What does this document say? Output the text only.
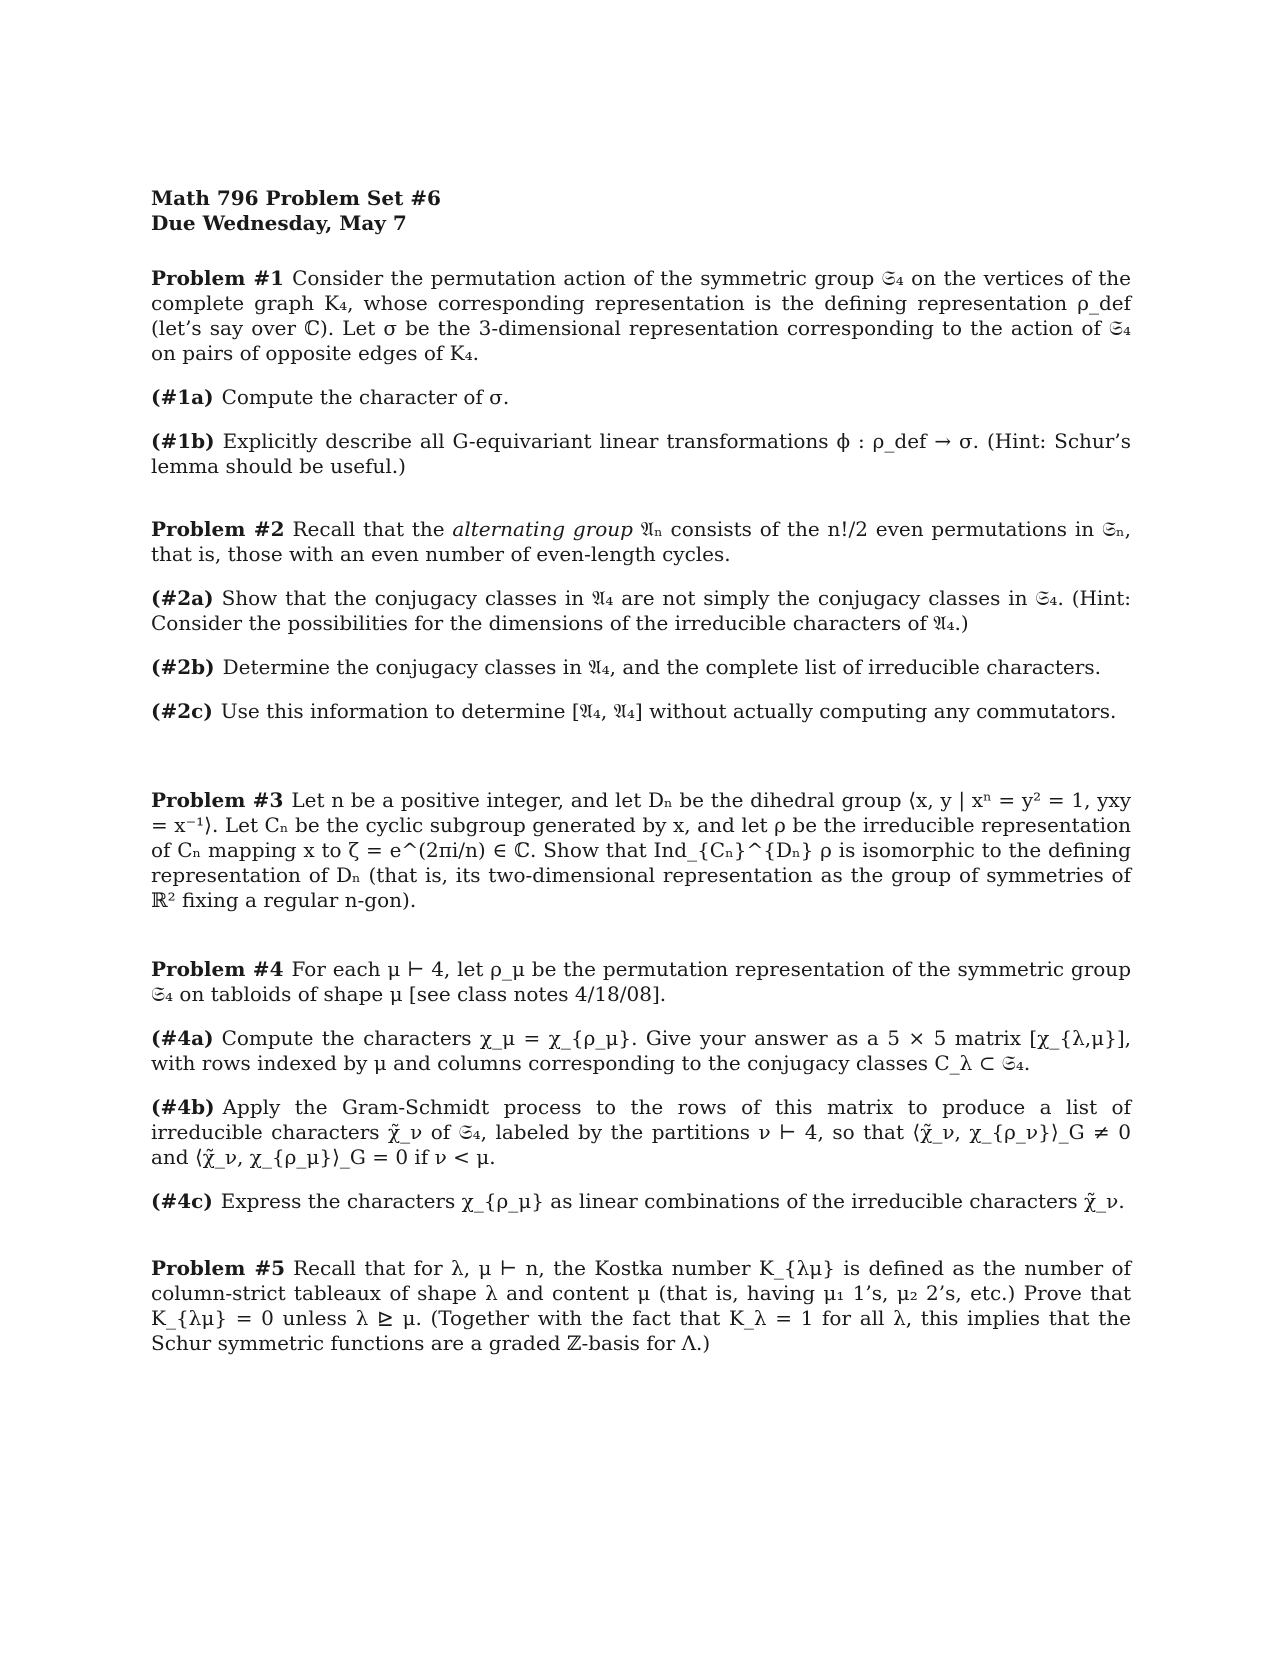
Math 796 Problem Set #6
Due Wednesday, May 7

Problem #1 Consider the permutation action of the symmetric group 𝔖₄ on the vertices of the complete graph K₄, whose corresponding representation is the defining representation ρ_def (let’s say over ℂ). Let σ be the 3-dimensional representation corresponding to the action of 𝔖₄ on pairs of opposite edges of K₄.

(#1a) Compute the character of σ.

(#1b) Explicitly describe all G-equivariant linear transformations ϕ : ρ_def → σ. (Hint: Schur’s lemma should be useful.)

Problem #2 Recall that the alternating group 𝔄ₙ consists of the n!/2 even permutations in 𝔖ₙ, that is, those with an even number of even-length cycles.

(#2a) Show that the conjugacy classes in 𝔄₄ are not simply the conjugacy classes in 𝔖₄. (Hint: Consider the possibilities for the dimensions of the irreducible characters of 𝔄₄.)

(#2b) Determine the conjugacy classes in 𝔄₄, and the complete list of irreducible characters.

(#2c) Use this information to determine [𝔄₄, 𝔄₄] without actually computing any commutators.

Problem #3 Let n be a positive integer, and let Dₙ be the dihedral group ⟨x, y | xⁿ = y² = 1, yxy = x⁻¹⟩. Let Cₙ be the cyclic subgroup generated by x, and let ρ be the irreducible representation of Cₙ mapping x to ζ = e^(2πi/n) ∈ ℂ. Show that Ind_{Cₙ}^{Dₙ} ρ is isomorphic to the defining representation of Dₙ (that is, its two-dimensional representation as the group of symmetries of ℝ² fixing a regular n-gon).

Problem #4 For each μ ⊢ 4, let ρ_μ be the permutation representation of the symmetric group 𝔖₄ on tabloids of shape μ [see class notes 4/18/08].

(#4a) Compute the characters χ_μ = χ_{ρ_μ}. Give your answer as a 5 × 5 matrix [χ_{λ,μ}], with rows indexed by μ and columns corresponding to the conjugacy classes C_λ ⊂ 𝔖₄.

(#4b) Apply the Gram-Schmidt process to the rows of this matrix to produce a list of irreducible characters χ̃_ν of 𝔖₄, labeled by the partitions ν ⊢ 4, so that ⟨χ̃_ν, χ_{ρ_ν}⟩_G ≠ 0 and ⟨χ̃_ν, χ_{ρ_μ}⟩_G = 0 if ν < μ.

(#4c) Express the characters χ_{ρ_μ} as linear combinations of the irreducible characters χ̃_ν.

Problem #5 Recall that for λ, μ ⊢ n, the Kostka number K_{λμ} is defined as the number of column-strict tableaux of shape λ and content μ (that is, having μ₁ 1’s, μ₂ 2’s, etc.) Prove that K_{λμ} = 0 unless λ ⊵ μ. (Together with the fact that K_λ = 1 for all λ, this implies that the Schur symmetric functions are a graded ℤ-basis for Λ.)
